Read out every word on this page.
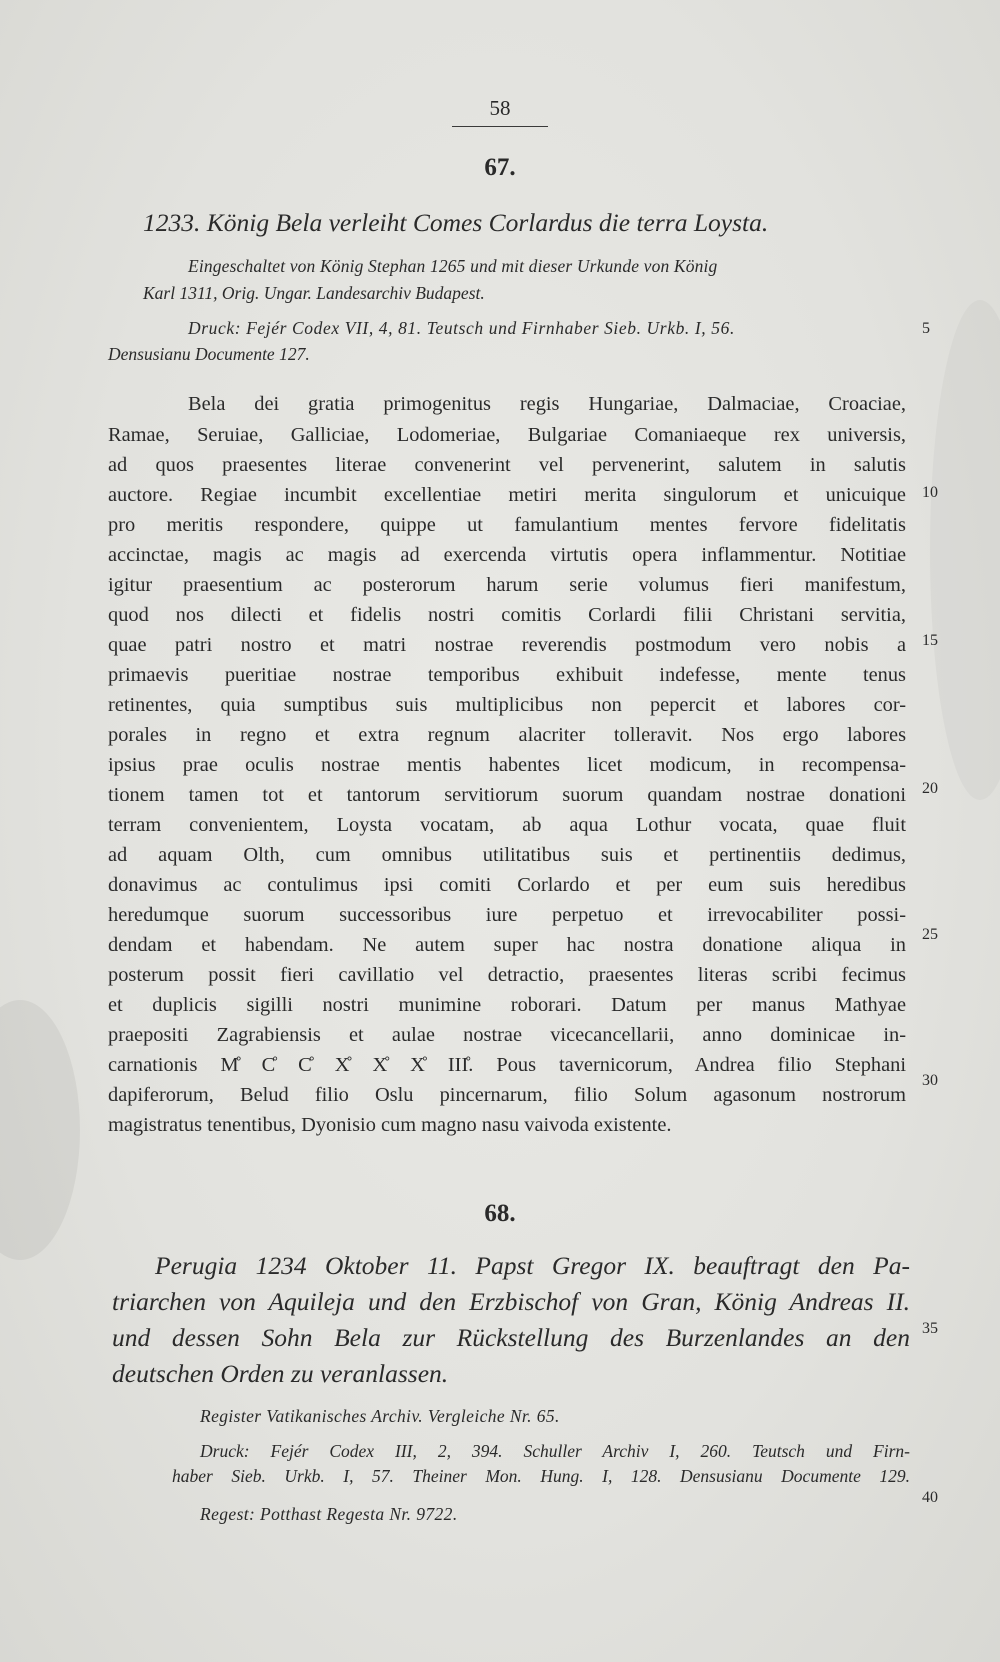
58
67.
1233. König Bela verleiht Comes Corlardus die terra Loysta.
Eingeschaltet von König Stephan 1265 und mit dieser Urkunde von König
Karl 1311, Orig. Ungar. Landesarchiv Budapest.
Druck: Fejér Codex VII, 4, 81. Teutsch und Firnhaber Sieb. Urkb. I, 56.
Densusianu Documente 127.
Bela dei gratia primogenitus regis Hungariae, Dalmaciae, Croaciae,
Ramae, Seruiae, Galliciae, Lodomeriae, Bulgariae Comaniaeque rex universis,
ad quos praesentes literae convenerint vel pervenerint, salutem in salutis
auctore. Regiae incumbit excellentiae metiri merita singulorum et unicuique
pro meritis respondere, quippe ut famulantium mentes fervore fidelitatis
accinctae, magis ac magis ad exercenda virtutis opera inflammentur. Notitiae
igitur praesentium ac posterorum harum serie volumus fieri manifestum,
quod nos dilecti et fidelis nostri comitis Corlardi filii Christani servitia,
quae patri nostro et matri nostrae reverendis postmodum vero nobis a
primaevis pueritiae nostrae temporibus exhibuit indefesse, mente tenus
retinentes, quia sumptibus suis multiplicibus non pepercit et labores cor-
porales in regno et extra regnum alacriter tolleravit. Nos ergo labores
ipsius prae oculis nostrae mentis habentes licet modicum, in recompensa-
tionem tamen tot et tantorum servitiorum suorum quandam nostrae donationi
terram convenientem, Loysta vocatam, ab aqua Lothur vocata, quae fluit
ad aquam Olth, cum omnibus utilitatibus suis et pertinentiis dedimus,
donavimus ac contulimus ipsi comiti Corlardo et per eum suis heredibus
heredumque suorum successoribus iure perpetuo et irrevocabiliter possi-
dendam et habendam. Ne autem super hac nostra donatione aliqua in
posterum possit fieri cavillatio vel detractio, praesentes literas scribi fecimus
et duplicis sigilli nostri munimine roborari. Datum per manus Mathyae
praepositi Zagrabiensis et aulae nostrae vicecancellarii, anno dominicae in-
carnationis M̊ C̊ C̊ X̊ X̊ X̊ III̊. Pous tavernicorum, Andrea filio Stephani
dapiferorum, Belud filio Oslu pincernarum, filio Solum agasonum nostrorum
magistratus tenentibus, Dyonisio cum magno nasu vaivoda existente.
68.
Perugia 1234 Oktober 11. Papst Gregor IX. beauftragt den Pa-
triarchen von Aquileja und den Erzbischof von Gran, König Andreas II.
und dessen Sohn Bela zur Rückstellung des Burzenlandes an den
deutschen Orden zu veranlassen.
Register Vatikanisches Archiv. Vergleiche Nr. 65.
Druck: Fejér Codex III, 2, 394. Schuller Archiv I, 260. Teutsch und Firn-
haber Sieb. Urkb. I, 57. Theiner Mon. Hung. I, 128. Densusianu Documente 129.
Regest: Potthast Regesta Nr. 9722.
5
10
15
20
25
30
35
40
